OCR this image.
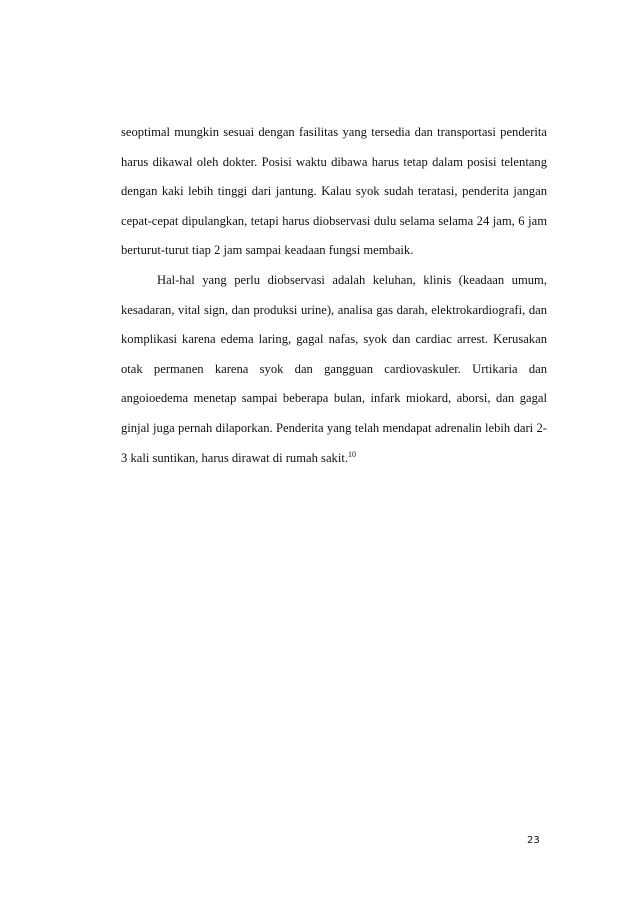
seoptimal mungkin sesuai dengan fasilitas yang tersedia dan transportasi penderita harus dikawal oleh dokter. Posisi waktu dibawa harus tetap dalam posisi telentang dengan kaki lebih tinggi dari jantung. Kalau syok sudah teratasi, penderita jangan cepat-cepat dipulangkan, tetapi harus diobservasi dulu selama selama 24 jam, 6 jam berturut-turut tiap 2 jam sampai keadaan fungsi membaik.

Hal-hal yang perlu diobservasi adalah keluhan, klinis (keadaan umum, kesadaran, vital sign, dan produksi urine), analisa gas darah, elektrokardiografi, dan komplikasi karena edema laring, gagal nafas, syok dan cardiac arrest. Kerusakan otak permanen karena syok dan gangguan cardiovaskuler. Urtikaria dan angoioedema menetap sampai beberapa bulan, infark miokard, aborsi, dan gagal ginjal juga pernah dilaporkan. Penderita yang telah mendapat adrenalin lebih dari 2-3 kali suntikan, harus dirawat di rumah sakit.$^{10}$

23
